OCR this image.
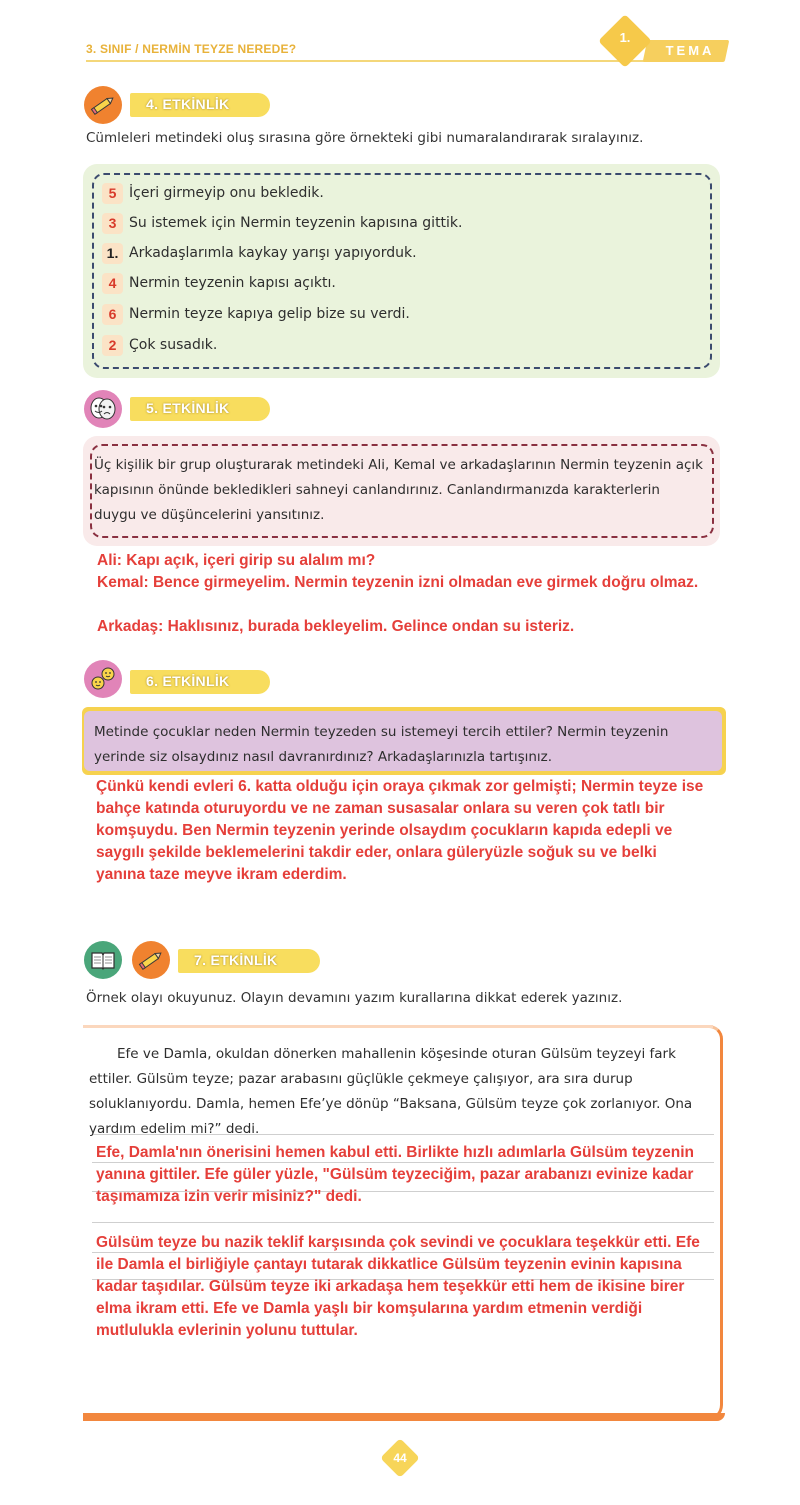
3. SINIF / NERMİN TEYZE NEREDE?	TEMA
1.
4. ETKİNLİK
Cümleleri metindeki oluş sırasına göre örnekteki gibi numaralandırarak sıralayınız.
5 İçeri girmeyip onu bekledik.
3 Su istemek için Nermin teyzenin kapısına gittik.
1. Arkadaşlarımla kaykay yarışı yapıyorduk.
4 Nermin teyzenin kapısı açıktı.
6 Nermin teyze kapıya gelip bize su verdi.
2 Çok susadık.
5. ETKİNLİK
Üç kişilik bir grup oluşturarak metindeki Ali, Kemal ve arkadaşlarının Nermin teyzenin açık kapısının önünde bekledikleri sahneyi canlandırınız. Canlandırmanızda karakterlerin duygu ve düşüncelerini yansıtınız.
Ali: Kapı açık, içeri girip su alalım mı?
Kemal: Bence girmeyelim. Nermin teyzenin izni olmadan eve girmek doğru olmaz.
Arkadaş: Haklısınız, burada bekleyelim. Gelince ondan su isteriz.
6. ETKİNLİK
Metinde çocuklar neden Nermin teyzeden su istemeyi tercih ettiler? Nermin teyzenin yerinde siz olsaydınız nasıl davranırdınız? Arkadaşlarınızla tartışınız.
Çünkü kendi evleri 6. katta olduğu için oraya çıkmak zor gelmişti; Nermin teyze ise bahçe katında oturuyordu ve ne zaman susasalar onlara su veren çok tatlı bir komşuydu. Ben Nermin teyzenin yerinde olsaydım çocukların kapıda edepli ve saygılı şekilde beklemelerini takdir eder, onlara güleryüzle soğuk su ve belki yanına taze meyve ikram ederdim.
7. ETKİNLİK
Örnek olayı okuyunuz. Olayın devamını yazım kurallarına dikkat ederek yazınız.
Efe ve Damla, okuldan dönerken mahallenin köşesinde oturan Gülsüm teyzeyi fark ettiler. Gülsüm teyze; pazar arabasını güçlükle çekmeye çalışıyor, ara sıra durup soluklanıyordu. Damla, hemen Efe’ye dönüp “Baksana, Gülsüm teyze çok zorlanıyor. Ona yardım edelim mi?” dedi.
Efe, Damla'nın önerisini hemen kabul etti. Birlikte hızlı adımlarla Gülsüm teyzenin yanına gittiler. Efe güler yüzle, "Gülsüm teyzeciğim, pazar arabanızı evinize kadar taşımamıza izin verir misiniz?" dedi.
Gülsüm teyze bu nazik teklif karşısında çok sevindi ve çocuklara teşekkür etti. Efe ile Damla el birliğiyle çantayı tutarak dikkatlice Gülsüm teyzenin evinin kapısına kadar taşıdılar. Gülsüm teyze iki arkadaşa hem teşekkür etti hem de ikisine birer elma ikram etti. Efe ve Damla yaşlı bir komşularına yardım etmenin verdiği mutlulukla evlerinin yolunu tuttular.
44
